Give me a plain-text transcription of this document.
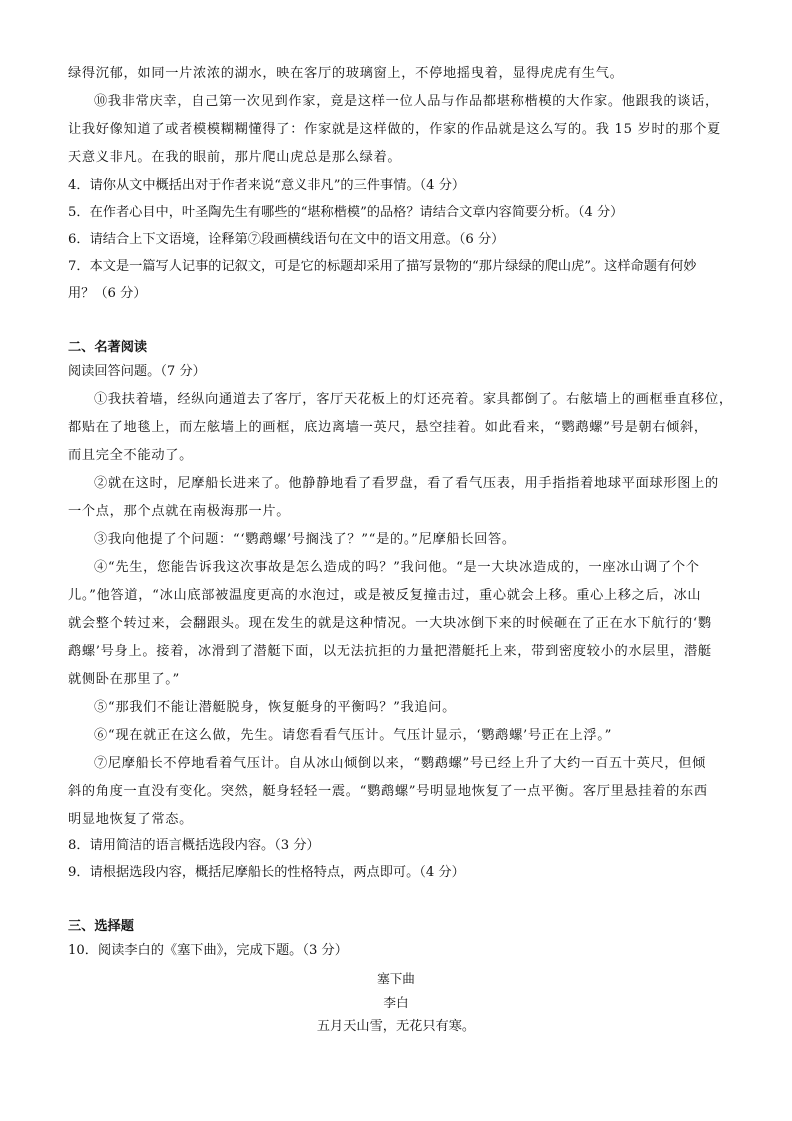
绿得沉郁，如同一片浓浓的湖水，映在客厅的玻璃窗上，不停地摇曳着，显得虎虎有生气。
⑩我非常庆幸，自己第一次见到作家，竟是这样一位人品与作品都堪称楷模的大作家。他跟我的谈话，
让我好像知道了或者模模糊糊懂得了：作家就是这样做的，作家的作品就是这么写的。我 15 岁时的那个夏
天意义非凡。在我的眼前，那片爬山虎总是那么绿着。
4．请你从文中概括出对于作者来说“意义非凡”的三件事情。（4 分）
5．在作者心目中，叶圣陶先生有哪些的“堪称楷模”的品格？请结合文章内容简要分析。（4 分）
6．请结合上下文语境，诠释第⑦段画横线语句在文中的语文用意。（6 分）
7．本文是一篇写人记事的记叙文，可是它的标题却采用了描写景物的“那片绿绿的爬山虎”。这样命题有何妙
用？（6 分）
二、名著阅读
阅读回答问题。（7 分）
①我扶着墙，经纵向通道去了客厅，客厅天花板上的灯还亮着。家具都倒了。右舷墙上的画框垂直移位，
都贴在了地毯上，而左舷墙上的画框，底边离墙一英尺，悬空挂着。如此看来，“鹦鹉螺”号是朝右倾斜，
而且完全不能动了。
②就在这时，尼摩船长进来了。他静静地看了看罗盘，看了看气压表，用手指指着地球平面球形图上的
一个点，那个点就在南极海那一片。
③我向他提了个问题：“‘鹦鹉螺’号搁浅了？”“是的。”尼摩船长回答。
④“先生，您能告诉我这次事故是怎么造成的吗？”我问他。“是一大块冰造成的，一座冰山调了个个
儿。”他答道，“冰山底部被温度更高的水泡过，或是被反复撞击过，重心就会上移。重心上移之后，冰山
就会整个转过来，会翻跟头。现在发生的就是这种情况。一大块冰倒下来的时候砸在了正在水下航行的‘鹦
鹉螺’号身上。接着，冰滑到了潜艇下面，以无法抗拒的力量把潜艇托上来，带到密度较小的水层里，潜艇
就侧卧在那里了。”
⑤“那我们不能让潜艇脱身，恢复艇身的平衡吗？”我追问。
⑥“现在就正在这么做，先生。请您看看气压计。气压计显示，‘鹦鹉螺’号正在上浮。”
⑦尼摩船长不停地看着气压计。自从冰山倾倒以来，“鹦鹉螺”号已经上升了大约一百五十英尺，但倾
斜的角度一直没有变化。突然，艇身轻轻一震。“鹦鹉螺”号明显地恢复了一点平衡。客厅里悬挂着的东西
明显地恢复了常态。
8．请用简洁的语言概括选段内容。（3 分）
9．请根据选段内容，概括尼摩船长的性格特点，两点即可。（4 分）
三、选择题
10．阅读李白的《塞下曲》，完成下题。（3 分）
塞下曲
李白
五月天山雪，无花只有寒。
